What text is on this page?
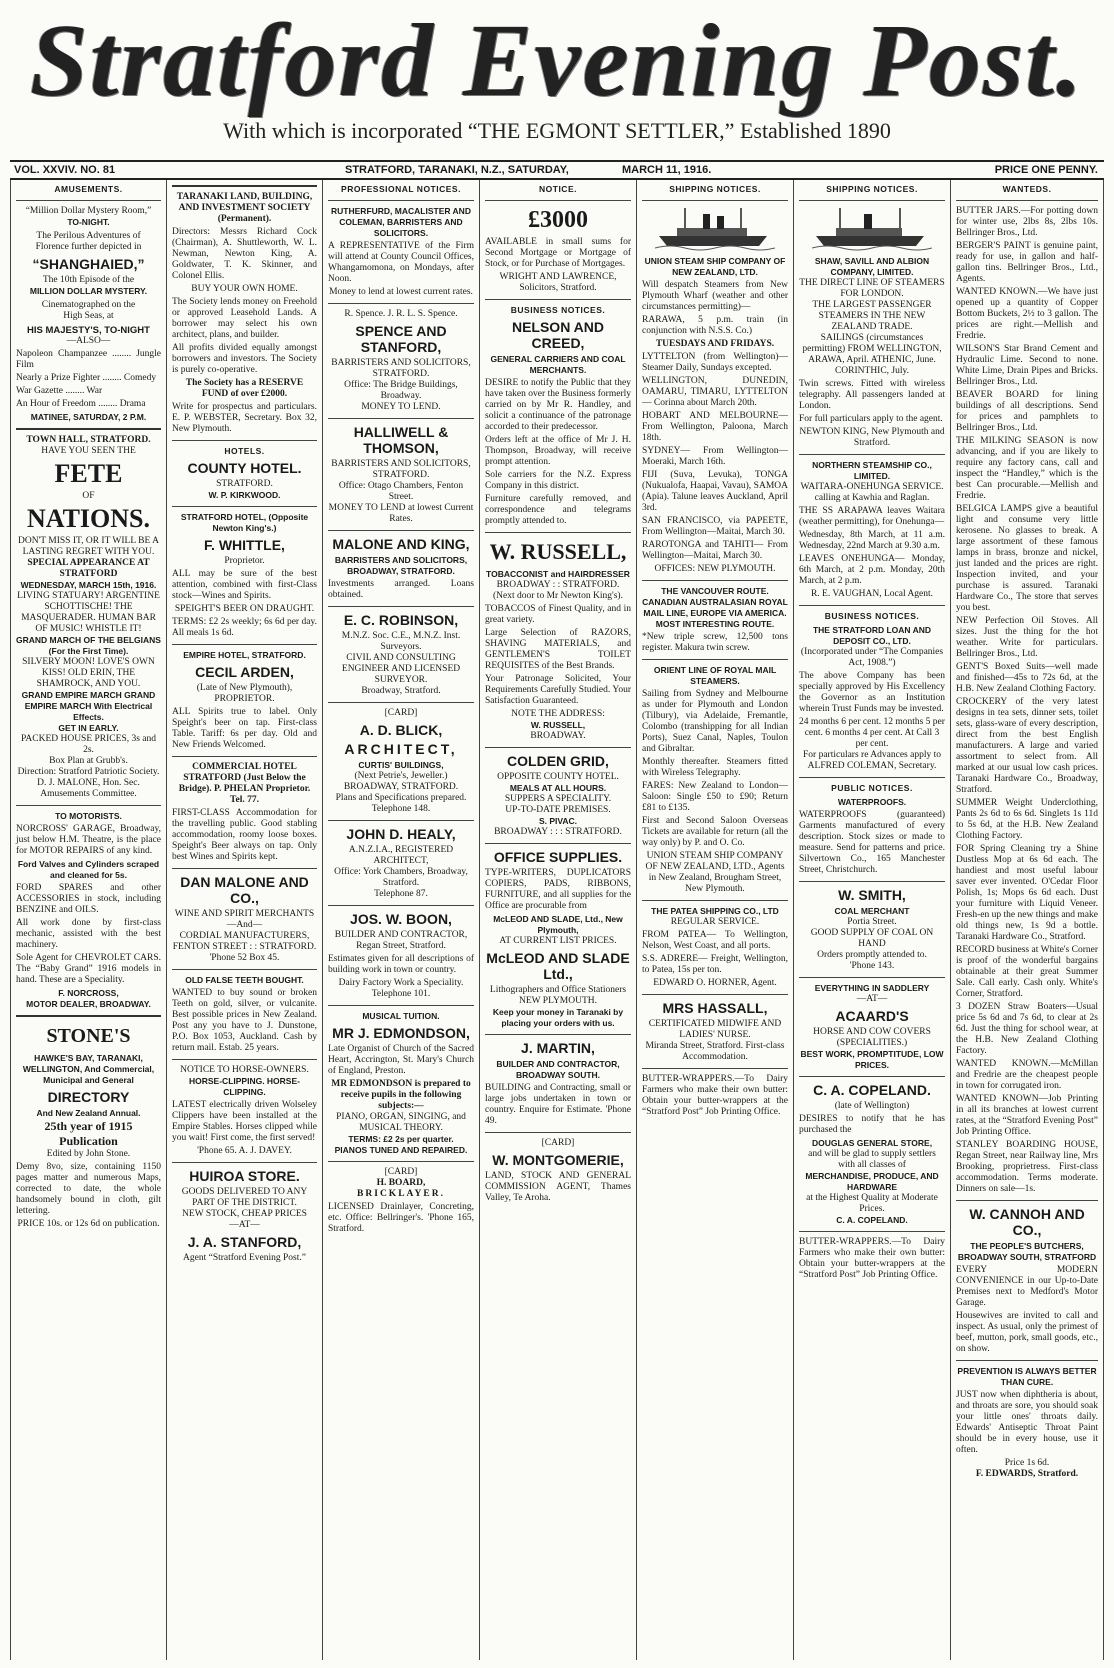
Stratford Evening Post.
With which is incorporated “THE EGMONT SETTLER,” Established 1890
VOL. XXVIV. NO. 81	STRATFORD, TARANAKI, N.Z., SATURDAY,	MARCH 11, 1916.	PRICE ONE PENNY.
AMUSEMENTS.
“Million Dollar Mystery Room,”
TO-NIGHT.
The Perilous Adventures of Florence further depicted in
“SHANGHAIED,”
The 10th Episode of the
MILLION DOLLAR MYSTERY.
Cinematographed on the High Seas, at
HIS MAJESTY'S, TO-NIGHT
—ALSO—
Napoleon Champanzee ........ Jungle Film
Nearly a Prize Fighter ........ Comedy
War Gazette ........ War
An Hour of Freedom ........ Drama
MATINEE, SATURDAY, 2 P.M.
TOWN HALL, STRATFORD.
HAVE YOU SEEN THE
FETE
OF
NATIONS.
DON'T MISS IT, OR IT WILL BE A LASTING REGRET WITH YOU.
SPECIAL APPEARANCE AT STRATFORD
WEDNESDAY, MARCH 15th, 1916.
LIVING STATUARY! ARGENTINE SCHOTTISCHE! THE MASQUERADER. HUMAN BAR OF MUSIC! WHISTLE IT!
GRAND MARCH OF THE BELGIANS (For the First Time).
SILVERY MOON! LOVE'S OWN KISS! OLD ERIN, THE SHAMROCK, AND YOU.
GRAND EMPIRE MARCH GRAND EMPIRE MARCH With Electrical Effects.
GET IN EARLY.
PACKED HOUSE PRICES, 3s and 2s.
Box Plan at Grubb's.
Direction: Stratford Patriotic Society. D. J. MALONE, Hon. Sec. Amusements Committee.
TO MOTORISTS.
NORCROSS' GARAGE, Broadway, just below H.M. Theatre, is the place for MOTOR REPAIRS of any kind.
Ford Valves and Cylinders scraped and cleaned for 5s.
FORD SPARES and other ACCESSORIES in stock, including BENZINE and OILS.
All work done by first-class mechanic, assisted with the best machinery.
Sole Agent for CHEVROLET CARS. The “Baby Grand” 1916 models in hand. These are a Speciality.
F. NORCROSS,
MOTOR DEALER, BROADWAY.
STONE'S
HAWKE'S BAY, TARANAKI, WELLINGTON, And Commercial, Municipal and General
DIRECTORY
And New Zealand Annual.
25th year of 1915 Publication
Edited by John Stone.
Demy 8vo, size, containing 1150 pages matter and numerous Maps, corrected to date, the whole handsomely bound in cloth, gilt lettering.
PRICE 10s. or 12s 6d on publication.
TARANAKI LAND, BUILDING, AND INVESTMENT SOCIETY (Permanent).
Directors: Messrs Richard Cock (Chairman), A. Shuttleworth, W. L. Newman, Newton King, A. Goldwater, T. K. Skinner, and Colonel Ellis.
BUY YOUR OWN HOME.
The Society lends money on Freehold or approved Leasehold Lands. A borrower may select his own architect, plans, and builder.
All profits divided equally amongst borrowers and investors. The Society is purely co-operative.
The Society has a RESERVE FUND of over £2000.
Write for prospectus and particulars. E. P. WEBSTER, Secretary. Box 32, New Plymouth.
HOTELS.
COUNTY HOTEL.
STRATFORD.
W. P. KIRKWOOD.
STRATFORD HOTEL, (Opposite Newton King's.)
F. WHITTLE,
Proprietor.
ALL may be sure of the best attention, combined with first-Class stock—Wines and Spirits.
SPEIGHT'S BEER ON DRAUGHT.
TERMS: £2 2s weekly; 6s 6d per day. All meals 1s 6d.
EMPIRE HOTEL, STRATFORD.
CECIL ARDEN,
(Late of New Plymouth), PROPRIETOR.
ALL Spirits true to label. Only Speight's beer on tap. First-class Table. Tariff: 6s per day. Old and New Friends Welcomed.
COMMERCIAL HOTEL STRATFORD (Just Below the Bridge). P. PHELAN Proprietor. Tel. 77.
FIRST-CLASS Accommodation for the travelling public. Good stabling accommodation, roomy loose boxes. Speight's Beer always on tap. Only best Wines and Spirits kept.
DAN MALONE AND CO.,
WINE AND SPIRIT MERCHANTS
—And—
CORDIAL MANUFACTURERS,
FENTON STREET : : STRATFORD.
'Phone 52 Box 45.
OLD FALSE TEETH BOUGHT.
WANTED to buy sound or broken Teeth on gold, silver, or vulcanite. Best possible prices in New Zealand. Post any you have to J. Dunstone, P.O. Box 1053, Auckland. Cash by return mail. Estab. 25 years.
NOTICE TO HORSE-OWNERS.
HORSE-CLIPPING. HORSE-CLIPPING.
LATEST electrically driven Wolseley Clippers have been installed at the Empire Stables. Horses clipped while you wait! First come, the first served!
'Phone 65. A. J. DAVEY.
HUIROA STORE.
GOODS DELIVERED TO ANY PART OF THE DISTRICT.
NEW STOCK, CHEAP PRICES
—AT—
J. A. STANFORD,
Agent “Stratford Evening Post.”
PROFESSIONAL NOTICES.
RUTHERFURD, MACALISTER AND COLEMAN, BARRISTERS AND SOLICITORS.
A REPRESENTATIVE of the Firm will attend at County Council Offices, Whangamomona, on Mondays, after Noon.
Money to lend at lowest current rates.
R. Spence. J. R. L. S. Spence.
SPENCE AND STANFORD,
BARRISTERS AND SOLICITORS, STRATFORD.
Office: The Bridge Buildings, Broadway.
MONEY TO LEND.
HALLIWELL & THOMSON,
BARRISTERS AND SOLICITORS, STRATFORD.
Office: Otago Chambers, Fenton Street.
MONEY TO LEND at lowest Current Rates.
MALONE AND KING,
BARRISTERS AND SOLICITORS,
BROADWAY, STRATFORD.
Investments arranged. Loans obtained.
E. C. ROBINSON,
M.N.Z. Soc. C.E., M.N.Z. Inst. Surveyors.
CIVIL AND CONSULTING ENGINEER AND LICENSED SURVEYOR.
Broadway, Stratford.
[CARD]
A. D. BLICK,
ARCHITECT,
CURTIS' BUILDINGS,
(Next Petrie's, Jeweller.) BROADWAY, STRATFORD.
Plans and Specifications prepared. Telephone 148.
JOHN D. HEALY,
A.N.Z.I.A., REGISTERED ARCHITECT,
Office: York Chambers, Broadway, Stratford.
Telephone 87.
JOS. W. BOON,
BUILDER AND CONTRACTOR, Regan Street, Stratford.
Estimates given for all descriptions of building work in town or country.
Dairy Factory Work a Speciality. Telephone 101.
MUSICAL TUITION.
MR J. EDMONDSON,
Late Organist of Church of the Sacred Heart, Accrington, St. Mary's Church of England, Preston.
MR EDMONDSON is prepared to receive pupils in the following subjects:—
PIANO, ORGAN, SINGING, and MUSICAL THEORY.
TERMS: £2 2s per quarter.
PIANOS TUNED AND REPAIRED.
[CARD]
H. BOARD,
BRICKLAYER.
LICENSED Drainlayer, Concreting, etc. Office: Bellringer's. 'Phone 165, Stratford.
NOTICE.
£3000
AVAILABLE in small sums for Second Mortgage or Mortgage of Stock, or for Purchase of Mortgages.
WRIGHT AND LAWRENCE, Solicitors, Stratford.
BUSINESS NOTICES.
NELSON AND CREED,
GENERAL CARRIERS AND COAL MERCHANTS.
DESIRE to notify the Public that they have taken over the Business formerly carried on by Mr R. Handley, and solicit a continuance of the patronage accorded to their predecessor.
Orders left at the office of Mr J. H. Thompson, Broadway, will receive prompt attention.
Sole carriers for the N.Z. Express Company in this district.
Furniture carefully removed, and correspondence and telegrams promptly attended to.
W. RUSSELL,
TOBACCONIST and HAIRDRESSER
BROADWAY : : STRATFORD.
(Next door to Mr Newton King's).
TOBACCOS of Finest Quality, and in great variety.
Large Selection of RAZORS, SHAVING MATERIALS, and GENTLEMEN'S TOILET REQUISITES of the Best Brands.
Your Patronage Solicited, Your Requirements Carefully Studied. Your Satisfaction Guaranteed.
NOTE THE ADDRESS:
W. RUSSELL,
BROADWAY.
COLDEN GRID,
OPPOSITE COUNTY HOTEL.
MEALS AT ALL HOURS.
SUPPERS A SPECIALITY.
UP-TO-DATE PREMISES.
S. PIVAC.
BROADWAY : : : STRATFORD.
OFFICE SUPPLIES.
TYPE-WRITERS, DUPLICATORS COPIERS, PADS, RIBBONS, FURNITURE, and all supplies for the Office are procurable from
McLEOD AND SLADE, Ltd., New Plymouth,
AT CURRENT LIST PRICES.
McLEOD AND SLADE Ltd.,
Lithographers and Office Stationers NEW PLYMOUTH.
Keep your money in Taranaki by placing your orders with us.
J. MARTIN,
BUILDER AND CONTRACTOR,
BROADWAY SOUTH.
BUILDING and Contracting, small or large jobs undertaken in town or country. Enquire for Estimate. 'Phone 49.
[CARD]
W. MONTGOMERIE,
LAND, STOCK AND GENERAL COMMISSION AGENT, Thames Valley, Te Aroha.
SHIPPING NOTICES.
UNION STEAM SHIP COMPANY OF NEW ZEALAND, LTD.
Will despatch Steamers from New Plymouth Wharf (weather and other circumstances permitting)—
RARAWA, 5 p.m. train (in conjunction with N.S.S. Co.)
TUESDAYS AND FRIDAYS.
LYTTELTON (from Wellington)— Steamer Daily, Sundays excepted.
WELLINGTON, DUNEDIN, OAMARU, TIMARU, LYTTELTON— Corinna about March 20th.
HOBART AND MELBOURNE—From Wellington, Paloona, March 18th.
SYDNEY— From Wellington—Moeraki, March 16th.
FIJI (Suva, Levuka), TONGA (Nukualofa, Haapai, Vavau), SAMOA (Apia). Talune leaves Auckland, April 3rd.
SAN FRANCISCO, via PAPEETE, From Wellington—Maitai, March 30.
RAROTONGA and TAHITI— From Wellington—Maitai, March 30.
OFFICES: NEW PLYMOUTH.
THE VANCOUVER ROUTE.
CANADIAN AUSTRALASIAN ROYAL MAIL LINE, EUROPE VIA AMERICA. MOST INTERESTING ROUTE.
*New triple screw, 12,500 tons register. Makura twin screw.
ORIENT LINE OF ROYAL MAIL STEAMERS.
Sailing from Sydney and Melbourne as under for Plymouth and London (Tilbury), via Adelaide, Fremantle, Colombo (transhipping for all Indian Ports), Suez Canal, Naples, Toulon and Gibraltar.
Monthly thereafter. Steamers fitted with Wireless Telegraphy.
FARES: New Zealand to London— Saloon: Single £50 to £90; Return £81 to £135.
First and Second Saloon Overseas Tickets are available for return (all the way only) by P. and O. Co.
UNION STEAM SHIP COMPANY OF NEW ZEALAND, LTD., Agents in New Zealand, Brougham Street, New Plymouth.
THE PATEA SHIPPING CO., LTD
REGULAR SERVICE.
FROM PATEA— To Wellington, Nelson, West Coast, and all ports.
S.S. ADRERE— Freight, Wellington, to Patea, 15s per ton.
EDWARD O. HORNER, Agent.
MRS HASSALL,
CERTIFICATED MIDWIFE AND LADIES' NURSE.
Miranda Street, Stratford. First-class Accommodation.
BUTTER-WRAPPERS.—To Dairy Farmers who make their own butter: Obtain your butter-wrappers at the “Stratford Post” Job Printing Office.
SHIPPING NOTICES.
SHAW, SAVILL AND ALBION COMPANY, LIMITED.
THE DIRECT LINE OF STEAMERS FOR LONDON.
THE LARGEST PASSENGER STEAMERS IN THE NEW ZEALAND TRADE.
SAILINGS (circumstances permitting) FROM WELLINGTON,
ARAWA, April. ATHENIC, June. CORINTHIC, July.
Twin screws. Fitted with wireless telegraphy. All passengers landed at London.
For full particulars apply to the agent.
NEWTON KING, New Plymouth and Stratford.
NORTHERN STEAMSHIP CO., LIMITED.
WAITARA-ONEHUNGA SERVICE. calling at Kawhia and Raglan.
THE SS ARAPAWA leaves Waitara (weather permitting), for Onehunga—
Wednesday, 8th March, at 11 a.m. Wednesday, 22nd March at 9.30 a.m.
LEAVES ONEHUNGA— Monday, 6th March, at 2 p.m. Monday, 20th March, at 2 p.m.
R. E. VAUGHAN, Local Agent.
BUSINESS NOTICES.
THE STRATFORD LOAN AND DEPOSIT CO., LTD.
(Incorporated under “The Companies Act, 1908.”)
The above Company has been specially approved by His Excellency the Governor as an Institution wherein Trust Funds may be invested.
24 months 6 per cent. 12 months 5 per cent. 6 months 4 per cent. At Call 3 per cent.
For particulars re Advances apply to
ALFRED COLEMAN, Secretary.
PUBLIC NOTICES.
WATERPROOFS.
WATERPROOFS (guaranteed) Garments manufactured of every description. Stock sizes or made to measure. Send for patterns and price. Silvertown Co., 165 Manchester Street, Christchurch.
W. SMITH,
COAL MERCHANT
Portia Street.
GOOD SUPPLY OF COAL ON HAND
Orders promptly attended to.
'Phone 143.
EVERYTHING IN SADDLERY
—AT—
ACAARD'S
HORSE AND COW COVERS (SPECIALITIES.)
BEST WORK, PROMPTITUDE, LOW PRICES.
C. A. COPELAND.
(late of Wellington)
DESIRES to notify that he has purchased the
DOUGLAS GENERAL STORE,
and will be glad to supply settlers with all classes of
MERCHANDISE, PRODUCE, AND HARDWARE
at the Highest Quality at Moderate Prices.
C. A. COPELAND.
BUTTER-WRAPPERS.—To Dairy Farmers who make their own butter: Obtain your butter-wrappers at the “Stratford Post” Job Printing Office.
WANTEDS.
BUTTER JARS.—For potting down for winter use, 2lbs 8s, 2lbs 10s. Bellringer Bros., Ltd.
BERGER'S PAINT is genuine paint, ready for use, in gallon and half-gallon tins. Bellringer Bros., Ltd., Agents.
WANTED KNOWN.—We have just opened up a quantity of Copper Bottom Buckets, 2½ to 3 gallon. The prices are right.—Mellish and Fredrie.
WILSON'S Star Brand Cement and Hydraulic Lime. Second to none. White Lime, Drain Pipes and Bricks. Bellringer Bros., Ltd.
BEAVER BOARD for lining buildings of all descriptions. Send for prices and pamphlets to Bellringer Bros., Ltd.
THE MILKING SEASON is now advancing, and if you are likely to require any factory cans, call and inspect the “Handley,” which is the best Can procurable.—Mellish and Fredrie.
BELGICA LAMPS give a beautiful light and consume very little kerosene. No glasses to break. A large assortment of these famous lamps in brass, bronze and nickel, just landed and the prices are right. Inspection invited, and your purchase is assured. Taranaki Hardware Co., The store that serves you best.
NEW Perfection Oil Stoves. All sizes. Just the thing for the hot weather. Write for particulars. Bellringer Bros., Ltd.
GENT'S Boxed Suits—well made and finished—45s to 72s 6d, at the H.B. New Zealand Clothing Factory.
CROCKERY of the very latest designs in tea sets, dinner sets, toilet sets, glass-ware of every description, direct from the best English manufacturers. A large and varied assortment to select from. All marked at our usual low cash prices. Taranaki Hardware Co., Broadway, Stratford.
SUMMER Weight Underclothing, Pants 2s 6d to 6s 6d. Singlets 1s 11d to 5s 6d, at the H.B. New Zealand Clothing Factory.
FOR Spring Cleaning try a Shine Dustless Mop at 6s 6d each. The handiest and most useful labour saver ever invented. O'Cedar Floor Polish, 1s; Mops 6s 6d each. Dust your furniture with Liquid Veneer. Fresh-en up the new things and make old things new, 1s 9d a bottle. Taranaki Hardware Co., Stratford.
RECORD business at White's Corner is proof of the wonderful bargains obtainable at their great Summer Sale. Call early. Cash only. White's Corner, Stratford.
3 DOZEN Straw Boaters—Usual price 5s 6d and 7s 6d, to clear at 2s 6d. Just the thing for school wear, at the H.B. New Zealand Clothing Factory.
WANTED KNOWN.—McMillan and Fredrie are the cheapest people in town for corrugated iron.
WANTED KNOWN—Job Printing in all its branches at lowest current rates, at the “Stratford Evening Post” Job Printing Office.
STANLEY BOARDING HOUSE, Regan Street, near Railway line, Mrs Brooking, proprietress. First-class accommodation. Terms moderate. Dinners on sale—1s.
W. CANNOH AND CO.,
THE PEOPLE'S BUTCHERS,
BROADWAY SOUTH, STRATFORD
EVERY MODERN CONVENIENCE in our Up-to-Date Premises next to Medford's Motor Garage.
Housewives are invited to call and inspect. As usual, only the primest of beef, mutton, pork, small goods, etc., on show.
PREVENTION IS ALWAYS BETTER THAN CURE.
JUST now when diphtheria is about, and throats are sore, you should soak your little ones' throats daily. Edwards' Antiseptic Throat Paint should be in every house, use it often.
Price 1s 6d.
F. EDWARDS, Stratford.
